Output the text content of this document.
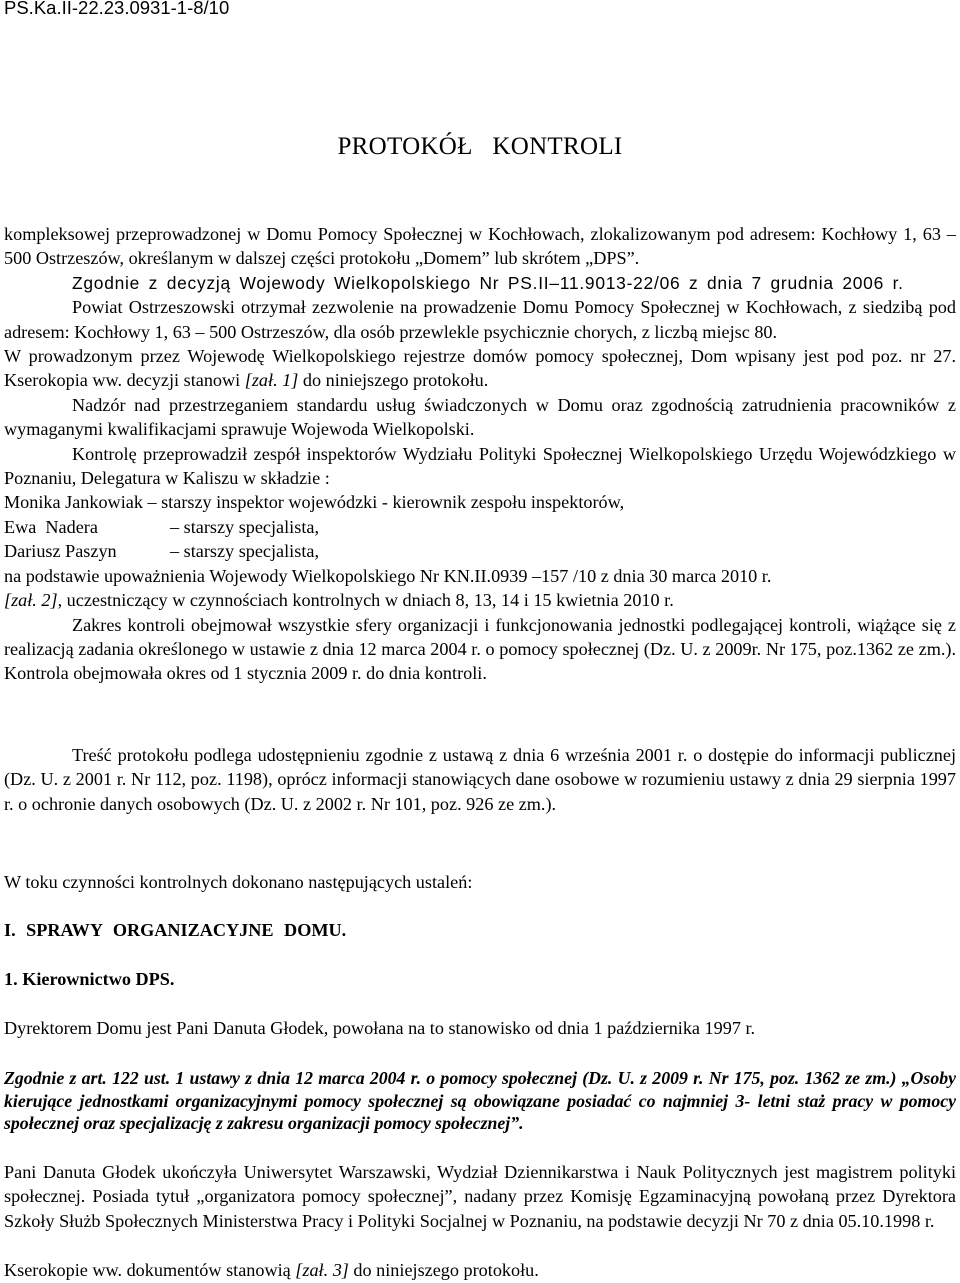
PS.Ka.II-22.23.0931-1-8/10

PROTOKÓŁ   KONTROLI
kompleksowej przeprowadzonej w Domu Pomocy Społecznej w Kochłowach, zlokalizowanym pod adresem: Kochłowy 1, 63 – 500 Ostrzeszów, określanym w dalszej części protokołu „Domem” lub skrótem „DPS”.
Zgodnie z decyzją Wojewody Wielkopolskiego Nr PS.II–11.9013-22/06 z dnia 7 grudnia 2006 r.
Powiat Ostrzeszowski otrzymał zezwolenie na prowadzenie Domu Pomocy Społecznej w Kochłowach, z siedzibą pod adresem: Kochłowy 1, 63 – 500 Ostrzeszów, dla osób przewlekle psychicznie chorych, z liczbą miejsc 80.
W prowadzonym przez Wojewodę Wielkopolskiego rejestrze domów pomocy społecznej, Dom wpisany jest pod poz. nr 27. Kserokopia ww. decyzji stanowi [zał. 1] do niniejszego protokołu.
Nadzór nad przestrzeganiem standardu usług świadczonych w Domu oraz zgodnością zatrudnienia pracowników z wymaganymi kwalifikacjami sprawuje Wojewoda Wielkopolski.
Kontrolę przeprowadził zespół inspektorów Wydziału Polityki Społecznej Wielkopolskiego Urzędu Wojewódzkiego w Poznaniu, Delegatura w Kaliszu w składzie :
Monika Jankowiak – starszy inspektor wojewódzki - kierownik zespołu inspektorów,
Ewa  Nadera	– starszy specjalista,
Dariusz Paszyn	– starszy specjalista,
na podstawie upoważnienia Wojewody Wielkopolskiego Nr KN.II.0939 –157 /10 z dnia 30 marca 2010 r.
[zał. 2], uczestniczący w czynnościach kontrolnych w dniach 8, 13, 14 i 15 kwietnia 2010 r.
Zakres kontroli obejmował wszystkie sfery organizacji i funkcjonowania jednostki podlegającej kontroli, wiążące się z realizacją zadania określonego w ustawie z dnia 12 marca 2004 r. o pomocy społecznej (Dz. U. z 2009r. Nr 175, poz.1362 ze zm.). Kontrola obejmowała okres od 1 stycznia 2009 r. do dnia kontroli.

Treść protokołu podlega udostępnieniu zgodnie z ustawą z dnia 6 września 2001 r. o dostępie do informacji publicznej (Dz. U. z 2001 r. Nr 112, poz. 1198), oprócz informacji stanowiących dane osobowe w rozumieniu ustawy z dnia 29 sierpnia 1997 r. o ochronie danych osobowych (Dz. U. z 2002 r. Nr 101, poz. 926 ze zm.).

W toku czynności kontrolnych dokonano następujących ustaleń:

I. SPRAWY ORGANIZACYJNE DOMU.

1. Kierownictwo DPS.

Dyrektorem Domu jest Pani Danuta Głodek, powołana na to stanowisko od dnia 1 października 1997 r.

Zgodnie z art. 122 ust. 1 ustawy z dnia 12 marca 2004 r. o pomocy społecznej (Dz. U. z 2009 r. Nr 175, poz. 1362 ze zm.) „Osoby kierujące jednostkami organizacyjnymi pomocy społecznej są obowiązane posiadać co najmniej 3- letni staż pracy w pomocy społecznej oraz specjalizację z zakresu organizacji pomocy społecznej”.

Pani Danuta Głodek ukończyła Uniwersytet Warszawski, Wydział Dziennikarstwa i Nauk Politycznych jest magistrem polityki społecznej. Posiada tytuł „organizatora pomocy społecznej”, nadany przez Komisję Egzaminacyjną powołaną przez Dyrektora Szkoły Służb Społecznych Ministerstwa Pracy i Polityki Socjalnej w Poznaniu, na podstawie decyzji Nr 70 z dnia 05.10.1998 r.

Kserokopie ww. dokumentów stanowią [zał. 3] do niniejszego protokołu.
